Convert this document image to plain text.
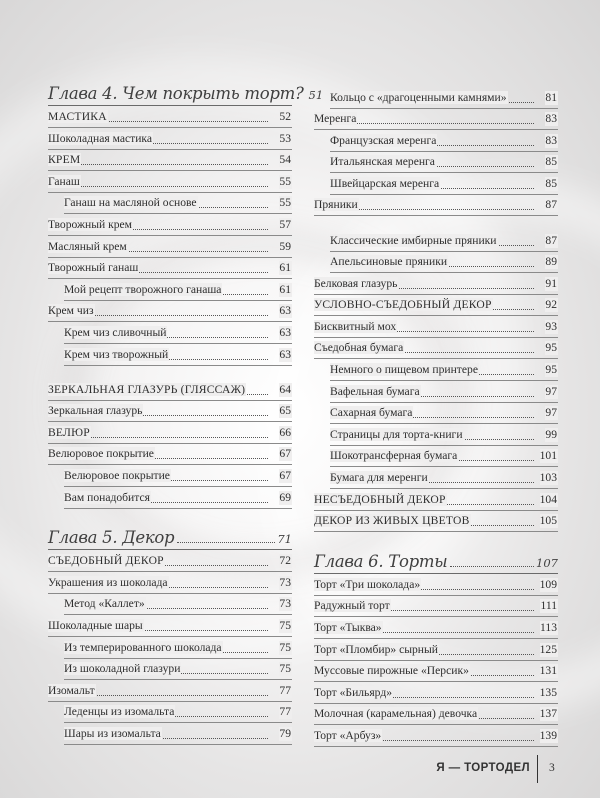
Глава 4. Чем покрыть торт? 51
МАСТИКА	52
Шоколадная мастика	53
КРЕМ	54
Ганаш	55
Ганаш на масляной основе	55
Творожный крем	57
Масляный крем	59
Творожный ганаш	61
Мой рецепт творожного ганаша	61
Крем чиз	63
Крем чиз сливочный	63
Крем чиз творожный	63
ЗЕРКАЛЬНАЯ ГЛАЗУРЬ (ГЛЯССАЖ)	64
Зеркальная глазурь	65
ВЕЛЮР	66
Велюровое покрытие	67
Велюровое покрытие	67
Вам понадобится	69
Глава 5. Декор	71
СЪЕДОБНЫЙ ДЕКОР	72
Украшения из шоколада	73
Метод «Каллет»	73
Шоколадные шары	75
Из темперированного шоколада	75
Из шоколадной глазури	75
Изомальт	77
Леденцы из изомальта	77
Шары из изомальта	79
Кольцо с «драгоценными камнями»	81
Меренга	83
Французская меренга	83
Итальянская меренга	85
Швейцарская меренга	85
Пряники	87
Классические имбирные пряники	87
Апельсиновые пряники	89
Белковая глазурь	91
УСЛОВНО-СЪЕДОБНЫЙ ДЕКОР	92
Бисквитный мох	93
Съедобная бумага	95
Немного о пищевом принтере	95
Вафельная бумага	97
Сахарная бумага	97
Страницы для торта-книги	99
Шокотрансферная бумага	101
Бумага для меренги	103
НЕСЪЕДОБНЫЙ ДЕКОР	104
ДЕКОР ИЗ ЖИВЫХ ЦВЕТОВ	105
Глава 6. Торты	107
Торт «Три шоколада»	109
Радужный торт	111
Торт «Тыква»	113
Торт «Пломбир» сырный	125
Муссовые пирожные «Персик»	131
Торт «Бильярд»	135
Молочная (карамельная) девочка	137
Торт «Арбуз»	139
Я — ТОРТОДЕЛ 3
